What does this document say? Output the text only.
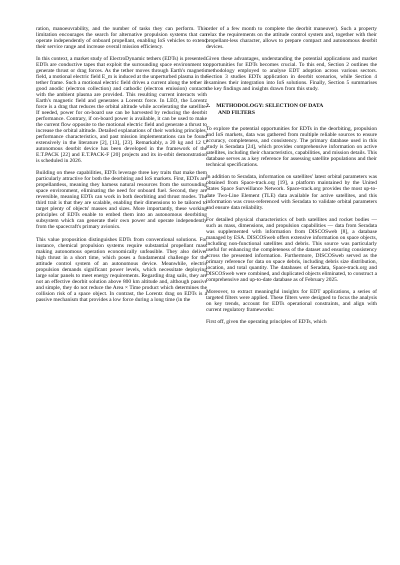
ration, manoeuvrability, and the number of tasks they can perform. This limitation encourages the search for alternative propulsion systems that can operate independently of onboard propellant, enabling IoS vehicles to extend their service range and increase overall mission efficiency.

In this context, a market study of ElectroDynamic tethers (EDTs) is presented. EDTs are conductive tapes that exploit the surrounding space environment to generate thrust or drag forces. As the tether moves through Earth's magnetic field, a motional electric field E_m is induced at the unperturbed plasma in the tether frame. Such a motional electric field drives a current along the tether if good anodic (electron collection) and cathodic (electron emission) contacts with the ambient plasma are provided. This resulting current interacts with Earth's magnetic field and generates a Lorentz force. In LEO, the Lorentz force is a drag that reduces the orbital altitude while accelerating the satellite. If needed, power for on-board use can be harvested by reducing the deorbit performance. Contrary, if on-board power is available, it can be used to make the current flow opposite to the motional electric field and generate a thrust to increase the orbital altitude. Detailed explanations of their working principles, performance characteristics, and past mission implementations can be found extensively in the literature [2], [13], [23]. Remarkably, a 20 kg and 12 U autonomous deorbit device has been developed in the framework of the E.T.PACK [22] and E.T.PACK-F [20] projects and its in-orbit demonstration is scheduled in 2026.

Building on these capabilities, EDTs leverage three key traits that make them particularly attractive for both the deorbiting and IoS markets. First, EDTs are propellantless, meaning they harness natural resources from the surrounding space environment, eliminating the need for onboard fuel. Second, they are reversible, meaning EDTs can work in both deorbiting and thrust modes. The third trait is that they are scalable, enabling their dimensions to be tailored to target plenty of objects' masses and sizes. More importantly, these working principles of EDTs enable to embed them into an autonomous deorbiting subsystem which can generate their own power and operate independently from the spacecraft's primary avionics.

This value proposition distinguishes EDTs from conventional solutions. For instance, chemical propulsion systems require substantial propellant mass making autonomous operation economically unfeasible. They also deliver high thrust in a short time, which poses a fundamental challenge for the attitude control system of an autonomous device. Meanwhile, electric propulsion demands significant power levels, which necessitate deploying large solar panels to meet energy requirements. Regarding drag sails, they are not an effective deorbit solution above 800 km altitude and, although passive and simple, they do not reduce the Area × Time product which determines the collision risk of a space object. In contrast, the Lorentz drag on EDTs is a passive mechanism that provides a low force during a long time (in the

order of a few month to complete the deorbit maneuver). Such a property relax the requirements on the attitude control system and, together with their propellant-less character, allows to prepare compact and autonomous deorbit devices.

Given these advantages, understanding the potential applications and market opportunities for EDTs becomes crucial. To this end, Section 2 outlines the methodology employed to analyse EDT adoption across various sectors. Section 3 studies EDTs application in deorbit scenarios, while Section 4 examines their integration into IoS solutions. Finally, Section 5 summarises the key findings and insights drawn from this study.

2. METHODOLOGY: SELECTION OF DATA
AND FILTERS

To explore the potential opportunities for EDTs in the deorbiting, propulsion and IoS markets, data was gathered from multiple reliable sources to ensure accuracy, completeness, and consistency. The primary database used in this study is Seradata [24], which provides comprehensive information on active satellites, including their characteristics, capabilities, and mission details. This database serves as a key reference for assessing satellite populations and their technical specifications.

In addition to Seradata, information on satellites' latest orbital parameters was obtained from Space-track.org [19], a platform maintained by the United States Space Surveillance Network. Space-track.org provides the most up-to-date Two-Line Element (TLE) data available for active satellites, and this information was cross-referenced with Seradata to validate orbital parameters and ensure data reliability.

For detailed physical characteristics of both satellites and rocket bodies — such as mass, dimensions, and propulsion capabilities — data from Seradata was supplemented with information from DISCOSweb [8], a database managed by ESA. DISCOSweb offers extensive information on space objects, including non-functional satellites and debris. This source was particularly useful for enhancing the completeness of the dataset and ensuring consistency across the presented information. Furthermore, DISCOSweb served as the primary reference for data on space debris, including debris size distribution, location, and total quantity. The databases of Seradata, Space-track.org and DISCOSweb were combined, and duplicated objects eliminated, to construct a comprehensive and up-to-date database as of February 2025.

Moreover, to extract meaningful insights for EDT applications, a series of targeted filters were applied. These filters were designed to focus the analysis on key trends, account for EDTs operational constraints, and align with current regulatory frameworks:

First off, given the operating principles of EDTs, which
